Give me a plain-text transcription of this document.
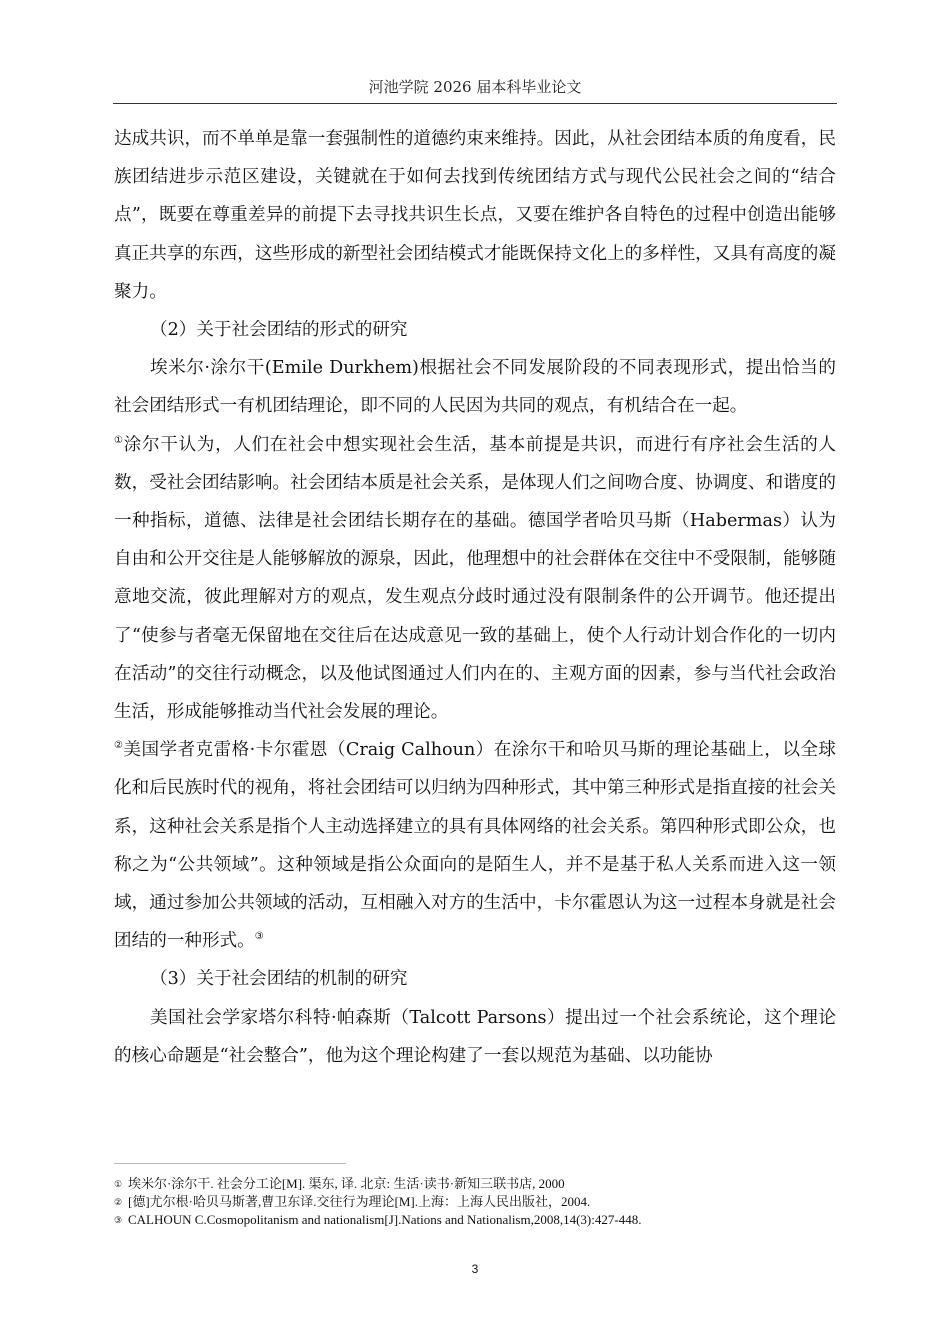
河池学院 2026 届本科毕业论文

达成共识，而不单单是靠一套强制性的道德约束来维持。因此，从社会团结本质的角度看，民族团结进步示范区建设，关键就在于如何去找到传统团结方式与现代公民社会之间的“结合点”，既要在尊重差异的前提下去寻找共识生长点，又要在维护各自特色的过程中创造出能够真正共享的东西，这些形成的新型社会团结模式才能既保持文化上的多样性，又具有高度的凝聚力。

（2）关于社会团结的形式的研究

埃米尔·涂尔干(Emile Durkhem)根据社会不同发展阶段的不同表现形式，提出恰当的社会团结形式一有机团结理论，即不同的人民因为共同的观点，有机结合在一起。
①涂尔干认为，人们在社会中想实现社会生活，基本前提是共识，而进行有序社会生活的人数，受社会团结影响。社会团结本质是社会关系，是体现人们之间吻合度、协调度、和谐度的一种指标，道德、法律是社会团结长期存在的基础。德国学者哈贝马斯（Habermas）认为自由和公开交往是人能够解放的源泉，因此，他理想中的社会群体在交往中不受限制，能够随意地交流，彼此理解对方的观点，发生观点分歧时通过没有限制条件的公开调节。他还提出了“使参与者毫无保留地在交往后在达成意见一致的基础上，使个人行动计划合作化的一切内在活动”的交往行动概念，以及他试图通过人们内在的、主观方面的因素，参与当代社会政治生活，形成能够推动当代社会发展的理论。
②美国学者克雷格·卡尔霍恩（Craig Calhoun）在涂尔干和哈贝马斯的理论基础上，以全球化和后民族时代的视角，将社会团结可以归纳为四种形式，其中第三种形式是指直接的社会关系，这种社会关系是指个人主动选择建立的具有具体网络的社会关系。第四种形式即公众，也称之为“公共领域”。这种领域是指公众面向的是陌生人，并不是基于私人关系而进入这一领域，通过参加公共领域的活动，互相融入对方的生活中，卡尔霍恩认为这一过程本身就是社会团结的一种形式。③

（3）关于社会团结的机制的研究

美国社会学家塔尔科特·帕森斯（Talcott Parsons）提出过一个社会系统论，这个理论的核心命题是“社会整合”，他为这个理论构建了一套以规范为基础、以功能协

① 埃米尔·涂尔干. 社会分工论[M]. 渠东, 译. 北京: 生活·读书·新知三联书店, 2000

② [德]尤尔根·哈贝马斯著,曹卫东译.交往行为理论[M].上海：上海人民出版社，2004.

③ CALHOUN C.Cosmopolitanism and nationalism[J].Nations and Nationalism,2008,14(3):427-448.

3
